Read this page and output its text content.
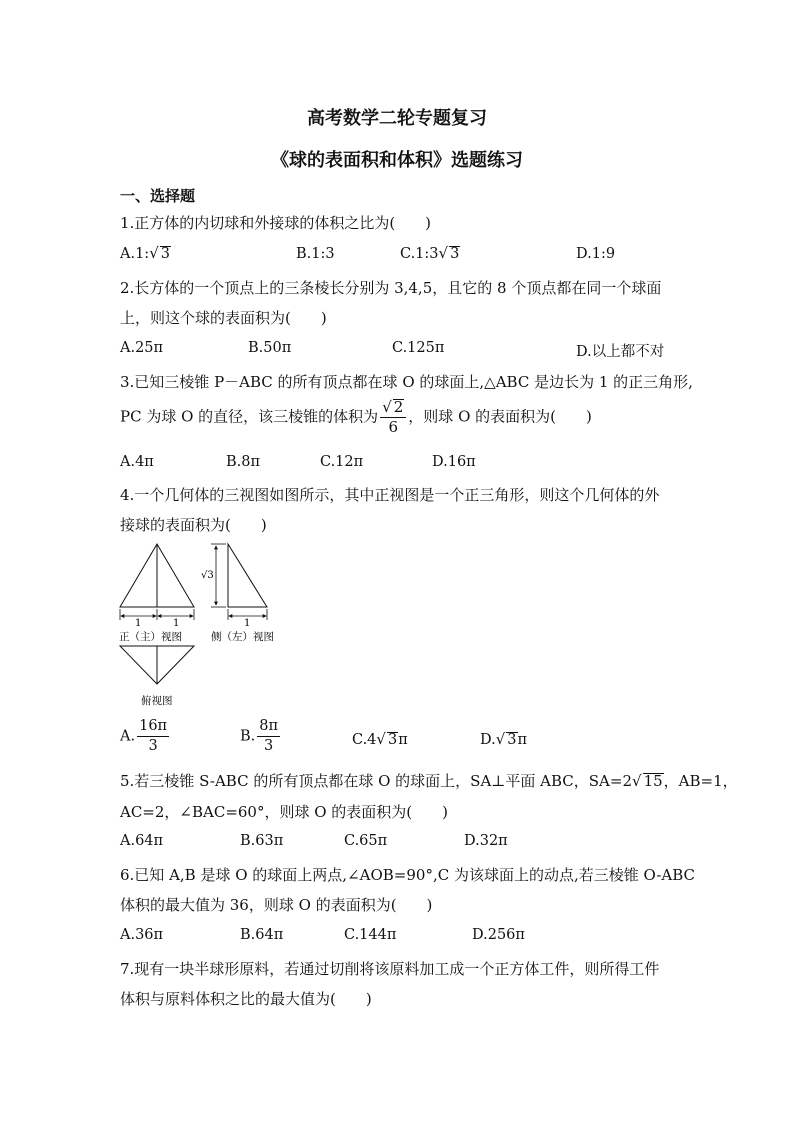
高考数学二轮专题复习
《球的表面积和体积》选题练习
一、选择题
1.正方体的内切球和外接球的体积之比为(　　)
A.1:√ 3	B.1:3	C.1:3√ 3	D.1:9
2.长方体的一个顶点上的三条棱长分别为 3,4,5，且它的 8 个顶点都在同一个球面
上，则这个球的表面积为(　　)
A.25π	B.50π	C.125π	D.以上都不对
3.已知三棱锥 P－ABC 的所有顶点都在球 O 的球面上,△ABC 是边长为 1 的正三角形,
PC 为球 O 的直径，该三棱锥的体积为 $\frac{√ 2}{6}$ ，则球 O 的表面积为(　　)
A.4π	B.8π	C.12π	D.16π
4.一个几何体的三视图如图所示，其中正视图是一个正三角形，则这个几何体的外
接球的表面积为(　　)
1	1
正（主）视图
√3
1
侧（左）视图
俯视图
A. $\frac{16\pi}{3}$	B. $\frac{8\pi}{3}$	C.4√ 3π	D.√ 3π
5.若三棱锥 S-ABC 的所有顶点都在球 O 的球面上，SA⊥平面 ABC，SA=2√ 15，AB=1，
AC=2，∠BAC=60°，则球 O 的表面积为(　　)
A.64π	B.63π	C.65π	D.32π
6.已知 A,B 是球 O 的球面上两点,∠AOB=90°,C 为该球面上的动点,若三棱锥 O-ABC
体积的最大值为 36，则球 O 的表面积为(　　)
A.36π	B.64π	C.144π	D.256π
7.现有一块半球形原料，若通过切削将该原料加工成一个正方体工件，则所得工件
体积与原料体积之比的最大值为(　　)
